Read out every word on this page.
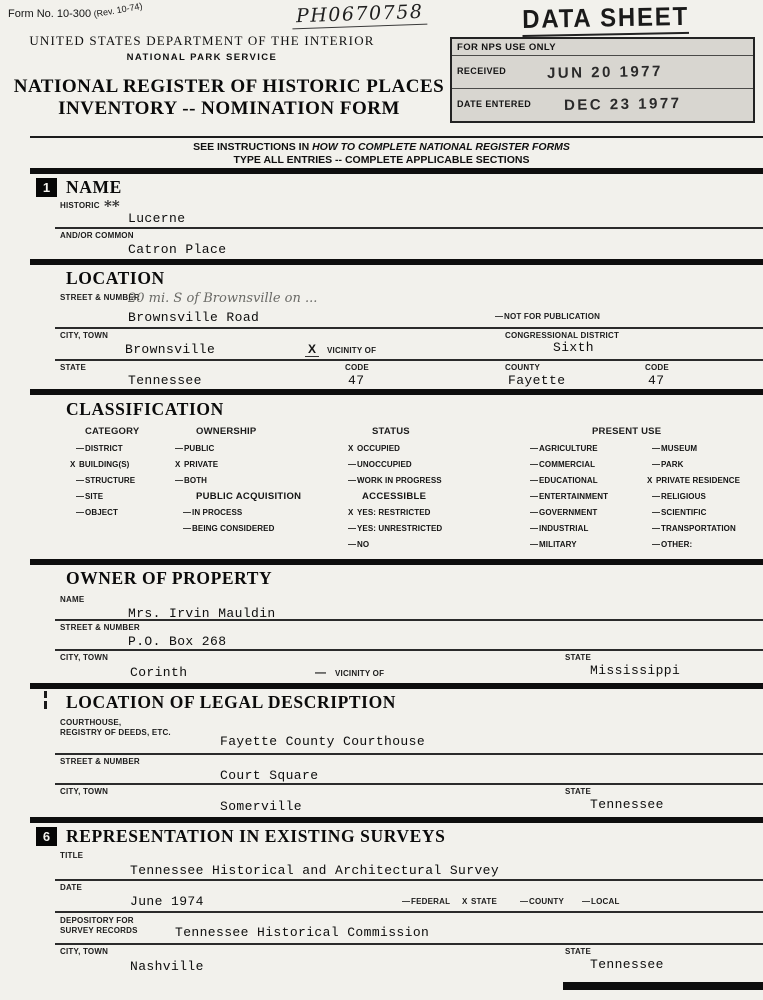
Form No. 10-300 (Rev. 10-74)	PH0670758
UNITED STATES DEPARTMENT OF THE INTERIOR
NATIONAL PARK SERVICE
DATA SHEET
FOR NPS USE ONLY
RECEIVED	JUN 20 1977
DATE ENTERED DEC 23 1977
NATIONAL REGISTER OF HISTORIC PLACES
INVENTORY -- NOMINATION FORM
SEE INSTRUCTIONS IN HOW TO COMPLETE NATIONAL REGISTER FORMS
TYPE ALL ENTRIES -- COMPLETE APPLICABLE SECTIONS
1 NAME
HISTORIC **
Lucerne
AND/OR COMMON
Catron Place
LOCATION
STREET & NUMBER
20 mi. S of Brownsville on ...
Brownsville Road	—NOT FOR PUBLICATION
CITY, TOWN	CONGRESSIONAL DISTRICT
Brownsville	X	VICINITY OF	Sixth
STATE	CODE	COUNTY	CODE
Tennessee	47	Fayette	47
CLASSIFICATION
CATEGORY	OWNERSHIP	STATUS	PRESENT USE
—DISTRICT
X BUILDING(S)
—STRUCTURE
—SITE
—OBJECT
—PUBLIC
X PRIVATE
—BOTH
PUBLIC ACQUISITION
—IN PROCESS
—BEING CONSIDERED
X OCCUPIED
—UNOCCUPIED
—WORK IN PROGRESS
ACCESSIBLE
X YES: RESTRICTED
—YES: UNRESTRICTED
—NO
—AGRICULTURE
—COMMERCIAL
—EDUCATIONAL
—ENTERTAINMENT
—GOVERNMENT
—INDUSTRIAL
—MILITARY
—MUSEUM
—PARK
X PRIVATE RESIDENCE
—RELIGIOUS
—SCIENTIFIC
—TRANSPORTATION
—OTHER:
OWNER OF PROPERTY
NAME
Mrs. Irvin Mauldin
STREET & NUMBER
P.O. Box 268
CITY, TOWN	STATE
Corinth	— VICINITY OF	Mississippi
LOCATION OF LEGAL DESCRIPTION
COURTHOUSE,
REGISTRY OF DEEDS, ETC.
Fayette County Courthouse
STREET & NUMBER
Court Square
CITY, TOWN	STATE
Somerville	Tennessee
6 REPRESENTATION IN EXISTING SURVEYS
TITLE
Tennessee Historical and Architectural Survey
DATE
June 1974	—FEDERAL X STATE	—COUNTY —LOCAL
DEPOSITORY FOR
SURVEY RECORDS	Tennessee Historical Commission
CITY, TOWN	STATE
Nashville	Tennessee
